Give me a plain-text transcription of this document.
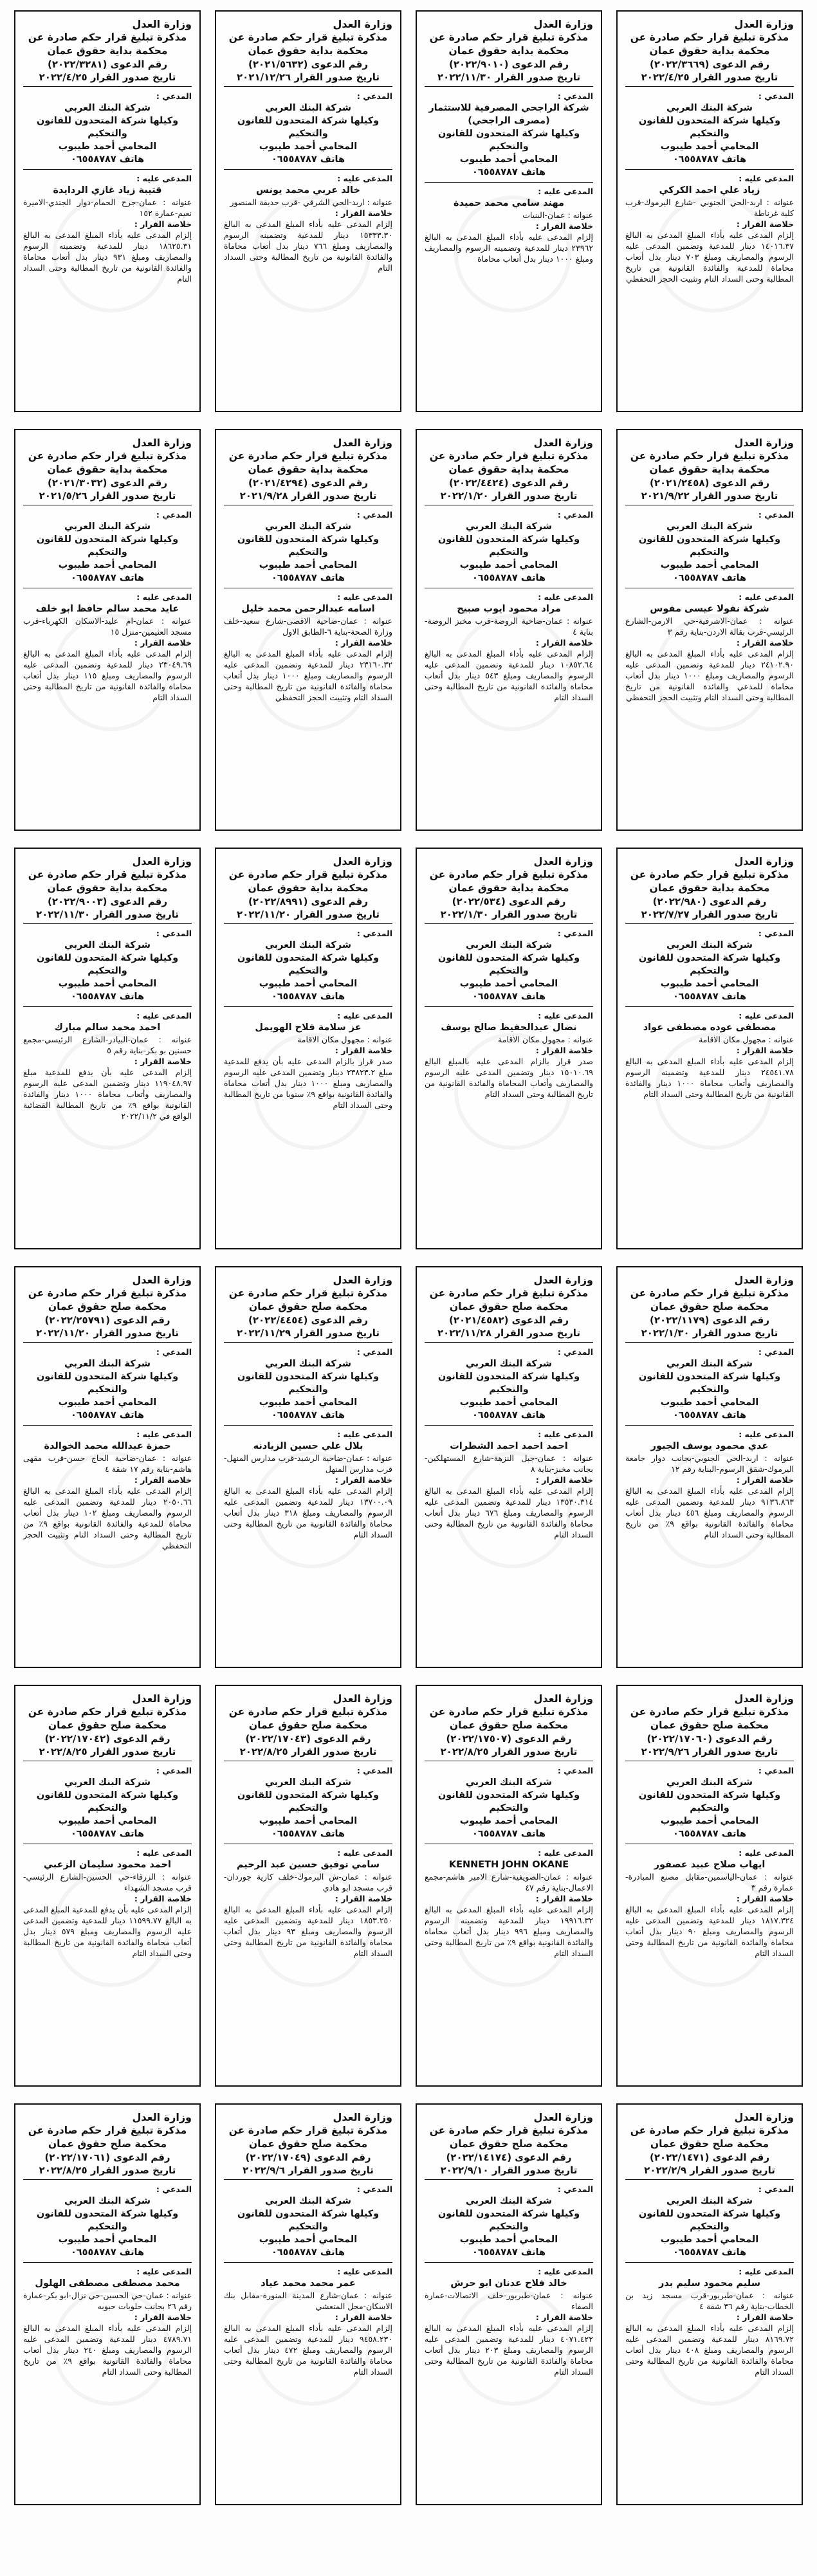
وزارة العدل
مذكرة تبليغ قرار حكم صادرة عن محكمة بداية حقوق عمان
رقم الدعوى (٢٠٢٢/٣٦٦٩)
تاريخ صدور القرار ٢٠٢٢/٤/٢٥
المدعي :
شركة البنك العربي
وكيلها شركة المتحدون للقانون والتحكيم
المحامي أحمد طيبوب
هاتف ٠٦٥٥٨٧٨٧
المدعى عليه :
زياد علي احمد الكركي
عنوانه : اربد-الحي الجنوبي -شارع اليرموك-قرب كلية غرناطة
خلاصة القرار :
إلزام المدعى عليه بأداء المبلغ المدعى به البالغ ١٤٠١٦.٣٧ دينار للمدعية وتضمين المدعى عليه الرسوم والمصاريف ومبلغ ٧٠٣ دينار بدل أتعاب محاماة للمدعية والفائدة القانونية من تاريخ المطالبة وحتى السداد التام وتثبيت الحجز التحفظي
وزارة العدل
مذكرة تبليغ قرار حكم صادرة عن محكمة بداية حقوق عمان
رقم الدعوى (٢٠٢٢/٩٠١٠)
تاريخ صدور القرار ٢٠٢٢/١١/٣٠
المدعي :
شركة الراجحي المصرفية للاستثمار (مصرف الراجحي)
وكيلها شركة المتحدون للقانون والتحكيم
المحامي أحمد طيبوب
هاتف ٠٦٥٥٨٧٨٧
المدعى عليه :
مهند سامي محمد حميدة
عنوانه : عمان-البنيات
خلاصة القرار :
إلزام المدعى عليه بأداء المبلغ المدعى به البالغ ٢٣٩٦٢ دينار للمدعية وتضمينه الرسوم والمصاريف ومبلغ ١٠٠٠ دينار بدل أتعاب محاماة
وزارة العدل
مذكرة تبليغ قرار حكم صادرة عن محكمة بداية حقوق عمان
رقم الدعوى (٢٠٢١/٥٦٣٢)
تاريخ صدور القرار ٢٠٢١/١٢/٢٦
المدعي :
شركة البنك العربي
وكيلها شركة المتحدون للقانون والتحكيم
المحامي أحمد طيبوب
هاتف ٠٦٥٥٨٧٨٧
المدعى عليه :
خالد عربي محمد يونس
عنوانه : اربد-الحي الشرقي -قرب حديقة المنصور
خلاصة القرار :
إلزام المدعى عليه بأداء المبلغ المدعى به البالغ ١٥٣٣٣.٣٠ دينار للمدعية وتضمينه الرسوم والمصاريف ومبلغ ٧٦٦ دينار بدل أتعاب محاماة والفائدة القانونية من تاريخ المطالبة وحتى السداد التام
وزارة العدل
مذكرة تبليغ قرار حكم صادرة عن محكمة بداية حقوق عمان
رقم الدعوى (٢٠٢٢/٣٢٨١)
تاريخ صدور القرار ٢٠٢٢/٤/٢٥
المدعي :
شركة البنك العربي
وكيلها شركة المتحدون للقانون والتحكيم
المحامي أحمد طيبوب
هاتف ٠٦٥٥٨٧٨٧
المدعى عليه :
قتيبة زياد غازي الردايدة
عنوانه : عمان-جرح الحمام-دوار الجندي-الاميرة نعيم-عمارة ١٥٢
خلاصة القرار :
إلزام المدعى عليه بأداء المبلغ المدعى به البالغ ١٨٦٢٥.٣١ دينار للمدعية وتضمينه الرسوم والمصاريف ومبلغ ٩٣١ دينار بدل أتعاب محاماة والفائدة القانونية من تاريخ المطالبة وحتى السداد التام
وزارة العدل
مذكرة تبليغ قرار حكم صادرة عن محكمة بداية حقوق عمان
رقم الدعوى (٢٠٢١/٢٤٥٨)
تاريخ صدور القرار ٢٠٢١/٩/٢٢
المدعي :
شركة البنك العربي
وكيلها شركة المتحدون للقانون والتحكيم
المحامي أحمد طيبوب
هاتف ٠٦٥٥٨٧٨٧
المدعى عليه :
شركة نقولا عيسى مقوس
عنوانه : عمان-الاشرفية-حي الارمن-الشارع الرئيسي-قرب بقالة الاردن-بناية رقم ٣
خلاصة القرار :
إلزام المدعى عليه بأداء المبلغ المدعى به البالغ ٢٤١٠٢.٩٠ دينار للمدعية وتضمين المدعى عليه الرسوم والمصاريف ومبلغ ١٠٠٠ دينار بدل أتعاب محاماة للمدعي والفائدة القانونية من تاريخ المطالبة وحتى السداد التام وتثبيت الحجز التحفظي
وزارة العدل
مذكرة تبليغ قرار حكم صادرة عن محكمة بداية حقوق عمان
رقم الدعوى (٢٠٢٢/٤٤٢٤)
تاريخ صدور القرار ٢٠٢٢/١/٢٠
المدعي :
شركة البنك العربي
وكيلها شركة المتحدون للقانون والتحكيم
المحامي أحمد طيبوب
هاتف ٠٦٥٥٨٧٨٧
المدعى عليه :
مراد محمود ايوب صبيح
عنوانه : عمان-ضاحية الروضة-قرب مخبز الروضة-بناية ٤
خلاصة القرار :
إلزام المدعى عليه بأداء المبلغ المدعى به البالغ ١٠٨٥٢.٦٤ دينار للمدعية وتضمين المدعى عليه الرسوم والمصاريف ومبلغ ٥٤٣ دينار بدل أتعاب محاماة والفائدة القانونية من تاريخ المطالبة وحتى السداد التام
وزارة العدل
مذكرة تبليغ قرار حكم صادرة عن محكمة بداية حقوق عمان
رقم الدعوى (٢٠٢١/٤٢٩٤)
تاريخ صدور القرار ٢٠٢١/٩/٢٨
المدعي :
شركة البنك العربي
وكيلها شركة المتحدون للقانون والتحكيم
المحامي أحمد طيبوب
هاتف ٠٦٥٥٨٧٨٧
المدعى عليه :
اسامه عبدالرحمن محمد خليل
عنوانه : عمان-ضاحية الاقصى-شارع سعيد-خلف وزارة الصحة-بناية ٦-الطابق الاول
خلاصة القرار :
إلزام المدعى عليه بأداء المبلغ المدعى به البالغ ٢٣١٦٠.٣٢ دينار للمدعية وتضمين المدعى عليه الرسوم والمصاريف ومبلغ ١٠٠٠ دينار بدل أتعاب محاماة والفائدة القانونية من تاريخ المطالبة وحتى السداد التام وتثبيت الحجز التحفظي
وزارة العدل
مذكرة تبليغ قرار حكم صادرة عن محكمة بداية حقوق عمان
رقم الدعوى (٢٠٢١/٣٠٣٢)
تاريخ صدور القرار ٢٠٢١/٥/٢٦
المدعي :
شركة البنك العربي
وكيلها شركة المتحدون للقانون والتحكيم
المحامي أحمد طيبوب
هاتف ٠٦٥٥٨٧٨٧
المدعى عليه :
عايد محمد سالم حافظ ابو خلف
عنوانه : عمان-ام عليد-الاسكان الكهرباء-قرب مسجد العثيمين-منزل ١٥
خلاصة القرار :
إلزام المدعى عليه بأداء المبلغ المدعى به البالغ ٢٣٠٤٩.٦٩ دينار للمدعية وتضمين المدعى عليه الرسوم والمصاريف ومبلغ ١١٥ دينار بدل أتعاب محاماة والفائدة القانونية من تاريخ المطالبة وحتى السداد التام
وزارة العدل
مذكرة تبليغ قرار حكم صادرة عن محكمة بداية حقوق عمان
رقم الدعوى (٢٠٢٢/٩٨٠)
تاريخ صدور القرار ٢٠٢٢/٧/٢٧
المدعي :
شركة البنك العربي
وكيلها شركة المتحدون للقانون والتحكيم
المحامي أحمد طيبوب
هاتف ٠٦٥٥٨٧٨٧
المدعى عليه :
مصطفى عوده مصطفى عواد
عنوانه : مجهول مكان الاقامة
خلاصة القرار :
إلزام المدعى عليه بأداء المبلغ المدعى به البالغ ٢٤٥٤١.٧٨ دينار للمدعية وتضمينه الرسوم والمصاريف وأتعاب محاماة ١٠٠٠ دينار والفائدة القانونية من تاريخ المطالبة وحتى السداد التام
وزارة العدل
مذكرة تبليغ قرار حكم صادرة عن محكمة بداية حقوق عمان
رقم الدعوى (٢٠٢٢/٥٣٤)
تاريخ صدور القرار ٢٠٢٢/١/٣٠
المدعي :
شركة البنك العربي
وكيلها شركة المتحدون للقانون والتحكيم
المحامي أحمد طيبوب
هاتف ٠٦٥٥٨٧٨٧
المدعى عليه :
نضال عبدالحفيظ صالح يوسف
عنوانه : مجهول مكان الاقامة
خلاصة القرار :
صدر قرار بالزام المدعى عليه بالمبلغ البالغ ١٥٠١٠.٦٩ دينار وتضمين المدعى عليه الرسوم والمصاريف وأتعاب المحاماة والفائدة القانونية من تاريخ المطالبة وحتى السداد التام
وزارة العدل
مذكرة تبليغ قرار حكم صادرة عن محكمة بداية حقوق عمان
رقم الدعوى (٢٠٢٢/٨٩٩١)
تاريخ صدور القرار ٢٠٢٢/١١/٢٠
المدعي :
شركة البنك العربي
وكيلها شركة المتحدون للقانون والتحكيم
المحامي أحمد طيبوب
هاتف ٠٦٥٥٨٧٨٧
المدعى عليه :
عز سلامة فلاح الهويمل
عنوانه : مجهول مكان الاقامة
خلاصة القرار :
صدر قرار بالزام المدعى عليه بأن يدفع للمدعية مبلغ ٢٣٨٢٣.٢ دينار وتضمين المدعى عليه الرسوم والمصاريف ومبلغ ١٠٠٠ دينار بدل أتعاب محاماة والفائدة القانونية بواقع ٩٪ سنويا من تاريخ المطالبة وحتى السداد التام
وزارة العدل
مذكرة تبليغ قرار حكم صادرة عن محكمة بداية حقوق عمان
رقم الدعوى (٢٠٢٢/٩٠٠٣)
تاريخ صدور القرار ٢٠٢٢/١١/٣٠
المدعي :
شركة البنك العربي
وكيلها شركة المتحدون للقانون والتحكيم
المحامي أحمد طيبوب
هاتف ٠٦٥٥٨٧٨٧
المدعى عليه :
احمد محمد سالم مبارك
عنوانه : عمان-البيادر-الشارع الرئيسي-مجمع حسنين بو بكر-بناية رقم ٥
خلاصة القرار :
إلزام المدعى عليه بأن يدفع للمدعية مبلغ ١١٩٠٤٨.٩٧ دينار وتضمين المدعى عليه الرسوم والمصاريف وأتعاب محاماة ١٠٠٠ دينار والفائدة القانونية بواقع ٩٪ من تاريخ المطالبة القضائية الواقع في ٢٠٢٢/١١/٢
وزارة العدل
مذكرة تبليغ قرار حكم صادرة عن محكمة صلح حقوق عمان
رقم الدعوى (٢٠٢٢/١١٧٩)
تاريخ صدور القرار ٢٠٢٢/١/٣٠
المدعي :
شركة البنك العربي
وكيلها شركة المتحدون للقانون والتحكيم
المحامي أحمد طيبوب
هاتف ٠٦٥٥٨٧٨٧
المدعى عليه :
عدي محمود يوسف الجبور
عنوانه : اربد-الحي الجنوبي-بجانب دوار جامعة اليرموك-شقق الرسوم-البناية رقم ١٢
خلاصة القرار :
إلزام المدعى عليه بأداء المبلغ المدعى به البالغ ٩١٣٦.٨٦٣ دينار للمدعية وتضمين المدعى عليه الرسوم والمصاريف ومبلغ ٤٥٦ دينار بدل أتعاب محاماة والفائدة القانونية بواقع ٩٪ من تاريخ المطالبة وحتى السداد التام
وزارة العدل
مذكرة تبليغ قرار حكم صادرة عن محكمة صلح حقوق عمان
رقم الدعوى (٢٠٢١/٤٥٨٢)
تاريخ صدور القرار ٢٠٢٢/١١/٢٨
المدعي :
شركة البنك العربي
وكيلها شركة المتحدون للقانون والتحكيم
المحامي أحمد طيبوب
هاتف ٠٦٥٥٨٧٨٧
المدعى عليه :
احمد احمد احمد الشطرات
عنوانه : عمان-جبل النزهة-شارع المستهلكين-بجانب مخبز-بناية ٨
خلاصة القرار :
إلزام المدعى عليه بأداء المبلغ المدعى به البالغ ١٣٥٣٠.٣١٤ دينار للمدعية وتضمين المدعى عليه الرسوم والمصاريف ومبلغ ٦٧٦ دينار بدل أتعاب محاماة والفائدة القانونية من تاريخ المطالبة وحتى السداد التام
وزارة العدل
مذكرة تبليغ قرار حكم صادرة عن محكمة صلح حقوق عمان
رقم الدعوى (٢٠٢٢/٤٤٥٤)
تاريخ صدور القرار ٢٠٢٢/١١/٢٩
المدعي :
شركة البنك العربي
وكيلها شركة المتحدون للقانون والتحكيم
المحامي أحمد طيبوب
هاتف ٠٦٥٥٨٧٨٧
المدعى عليه :
بلال علي حسين الزيادنه
عنوانه : عمان-ضاحية الرشيد-قرب مدارس المنهل-قرب مدارس المنهل
خلاصة القرار :
إلزام المدعى عليه بأداء المبلغ المدعى به البالغ ١٣٧٠٠.٠٩ دينار للمدعية وتضمين المدعى عليه الرسوم والمصاريف ومبلغ ٣١٨ دينار بدل أتعاب محاماة والفائدة القانونية من تاريخ المطالبة وحتى السداد التام
وزارة العدل
مذكرة تبليغ قرار حكم صادرة عن محكمة صلح حقوق عمان
رقم الدعوى (٢٠٢٢/٢٥٧٩١)
تاريخ صدور القرار ٢٠٢٢/١١/٢٠
المدعي :
شركة البنك العربي
وكيلها شركة المتحدون للقانون والتحكيم
المحامي أحمد طيبوب
هاتف ٠٦٥٥٨٧٨٧
المدعى عليه :
حمزة عبدالله محمد الخوالدة
عنوانه : عمان-ضاحية الحاج حسن-قرب مقهى هاشم-بناية رقم ١٧ شقة ٤
خلاصة القرار :
إلزام المدعى عليه بأداء المبلغ المدعى به البالغ ٢٠٥٠.٦٦ دينار للمدعية وتضمين المدعى عليه الرسوم والمصاريف ومبلغ ١٠٢ دينار بدل أتعاب محاماة للمدعية والفائدة القانونية بواقع ٩٪ من تاريخ المطالبة وحتى السداد التام وتثبيت الحجز التحفظي
وزارة العدل
مذكرة تبليغ قرار حكم صادرة عن محكمة صلح حقوق عمان
رقم الدعوى (٢٠٢٢/١٧٠٦٠)
تاريخ صدور القرار ٢٠٢٢/٩/٢٦
المدعي :
شركة البنك العربي
وكيلها شركة المتحدون للقانون والتحكيم
المحامي أحمد طيبوب
هاتف ٠٦٥٥٨٧٨٧
المدعى عليه :
ايهاب صلاح عبيد عصفور
عنوانه : عمان-الياسمين-مقابل مصنع المبادرة-عمارة رقم ٣
خلاصة القرار :
إلزام المدعى عليه بأداء المبلغ المدعى به البالغ ١٨١٧.٣٢٤ دينار للمدعية وتضمين المدعى عليه الرسوم والمصاريف ومبلغ ٩٠ دينار بدل أتعاب محاماة والفائدة القانونية من تاريخ المطالبة وحتى السداد التام
وزارة العدل
مذكرة تبليغ قرار حكم صادرة عن محكمة صلح حقوق عمان
رقم الدعوى (٢٠٢٢/١٧٥٠٧)
تاريخ صدور القرار ٢٠٢٢/٨/٢٥
المدعي :
شركة البنك العربي
وكيلها شركة المتحدون للقانون والتحكيم
المحامي أحمد طيبوب
هاتف ٠٦٥٥٨٧٨٧
المدعى عليه :
KENNETH JOHN OKANE
عنوانه : عمان-الصويفية-شارع الامير هاشم-مجمع الاعمال-بناية رقم ٤٧
خلاصة القرار :
إلزام المدعى عليه بأداء المبلغ المدعى به البالغ ١٩٩١٦.٣٢ دينار للمدعية وتضمينه الرسوم والمصاريف ومبلغ ٩٩٦ دينار بدل أتعاب محاماة والفائدة القانونية بواقع ٩٪ من تاريخ المطالبة وحتى السداد التام
وزارة العدل
مذكرة تبليغ قرار حكم صادرة عن محكمة صلح حقوق عمان
رقم الدعوى (٢٠٢٢/١٧٠٤٣)
تاريخ صدور القرار ٢٠٢٢/٨/٢٥
المدعي :
شركة البنك العربي
وكيلها شركة المتحدون للقانون والتحكيم
المحامي أحمد طيبوب
هاتف ٠٦٥٥٨٧٨٧
المدعى عليه :
سامي توفيق حسين عبد الرحيم
عنوانه : عمان-ش البرموك-خلف كازية جوردان-قرب مسجد ابو هادي
خلاصة القرار :
إلزام المدعى عليه بأداء المبلغ المدعى به البالغ ١٨٥٣.٢٥٠ دينار للمدعية وتضمين المدعى عليه الرسوم والمصاريف ومبلغ ٩٣ دينار بدل أتعاب محاماة والفائدة القانونية من تاريخ المطالبة وحتى السداد التام
وزارة العدل
مذكرة تبليغ قرار حكم صادرة عن محكمة صلح حقوق عمان
رقم الدعوى (٢٠٢٢/١٧٠٤٢)
تاريخ صدور القرار ٢٠٢٢/٨/٢٥
المدعي :
شركة البنك العربي
وكيلها شركة المتحدون للقانون والتحكيم
المحامي أحمد طيبوب
هاتف ٠٦٥٥٨٧٨٧
المدعى عليه :
احمد محمود سليمان الزعبي
عنوانه : الزرقاء-حي الحسين-الشارع الرئيسي-قرب مسجد الشهداء
خلاصة القرار :
إلزام المدعى عليه بأن يدفع للمدعية المبلغ المدعى به البالغ ١١٥٩٩.٧٧ دينار للمدعية وتضمين المدعى عليه الرسوم والمصاريف ومبلغ ٥٧٩ دينار بدل أتعاب محاماة والفائدة القانونية من تاريخ المطالبة وحتى السداد التام
وزارة العدل
مذكرة تبليغ قرار حكم صادرة عن محكمة صلح حقوق عمان
رقم الدعوى (٢٠٢٢/١٤٧١)
تاريخ صدور القرار ٢٠٢٢/٢/٩
المدعي :
شركة البنك العربي
وكيلها شركة المتحدون للقانون والتحكيم
المحامي أحمد طيبوب
هاتف ٠٦٥٥٨٧٨٧
المدعى عليه :
سليم محمود سليم بدر
عنوانه : عمان-طبربور-قرب مسجد زيد بن الخطاب-بناية رقم ٣٦ شقة ٤
خلاصة القرار :
إلزام المدعى عليه بأداء المبلغ المدعى به البالغ ٨١٦٩.٧٢ دينار للمدعية وتضمين المدعى عليه الرسوم والمصاريف ومبلغ ٤٠٨ دينار بدل أتعاب محاماة والفائدة القانونية من تاريخ المطالبة وحتى السداد التام
وزارة العدل
مذكرة تبليغ قرار حكم صادرة عن محكمة صلح حقوق عمان
رقم الدعوى (٢٠٢٢/١٤١٧٤)
تاريخ صدور القرار ٢٠٢٢/٩/١٠
المدعي :
شركة البنك العربي
وكيلها شركة المتحدون للقانون والتحكيم
المحامي أحمد طيبوب
هاتف ٠٦٥٥٨٧٨٧
المدعى عليه :
خالد فلاح عدنان ابو حرش
عنوانه : عمان-طبربور-خلف الاتصالات-عمارة الصفاء
خلاصة القرار :
إلزام المدعى عليه بأداء المبلغ المدعى به البالغ ٤٠٧١.٤٢٢ دينار للمدعية وتضمين المدعى عليه الرسوم والمصاريف ومبلغ ٢٠٣ دينار بدل أتعاب محاماة والفائدة القانونية من تاريخ المطالبة وحتى السداد التام
وزارة العدل
مذكرة تبليغ قرار حكم صادرة عن محكمة صلح حقوق عمان
رقم الدعوى (٢٠٢٢/١٧٠٤٩)
تاريخ صدور القرار ٢٠٢٢/٩/٦
المدعي :
شركة البنك العربي
وكيلها شركة المتحدون للقانون والتحكيم
المحامي أحمد طيبوب
هاتف ٠٦٥٥٨٧٨٧
المدعى عليه :
عمر محمد محمد عياد
عنوانه : عمان-شارع المدينة المنورة-مقابل بنك الاسكان-محل المنعشي
خلاصة القرار :
إلزام المدعى عليه بأداء المبلغ المدعى به البالغ ٩٤٥٨.٢٣٠ دينار للمدعية وتضمين المدعى عليه الرسوم والمصاريف ومبلغ ٤٧٢ دينار بدل أتعاب محاماة والفائدة القانونية من تاريخ المطالبة وحتى السداد التام
وزارة العدل
مذكرة تبليغ قرار حكم صادرة عن محكمة صلح حقوق عمان
رقم الدعوى (٢٠٢٢/١٧٠٦١)
تاريخ صدور القرار ٢٠٢٢/٨/٢٥
المدعي :
شركة البنك العربي
وكيلها شركة المتحدون للقانون والتحكيم
المحامي أحمد طيبوب
هاتف ٠٦٥٥٨٧٨٧
المدعى عليه :
محمد مصطفى مصطفى الهلول
عنوانه : عمان-حي الحسين-حي نزال-ابو بكر-عمارة رقم ٢٦ بجانب حلويات حبوبه
خلاصة القرار :
إلزام المدعى عليه بأداء المبلغ المدعى به البالغ ٤٧٨٩.٧١ دينار للمدعية وتضمين المدعى عليه الرسوم والمصاريف ومبلغ ٢٤٠ دينار بدل أتعاب محاماة والفائدة القانونية بواقع ٩٪ من تاريخ المطالبة وحتى السداد التام
